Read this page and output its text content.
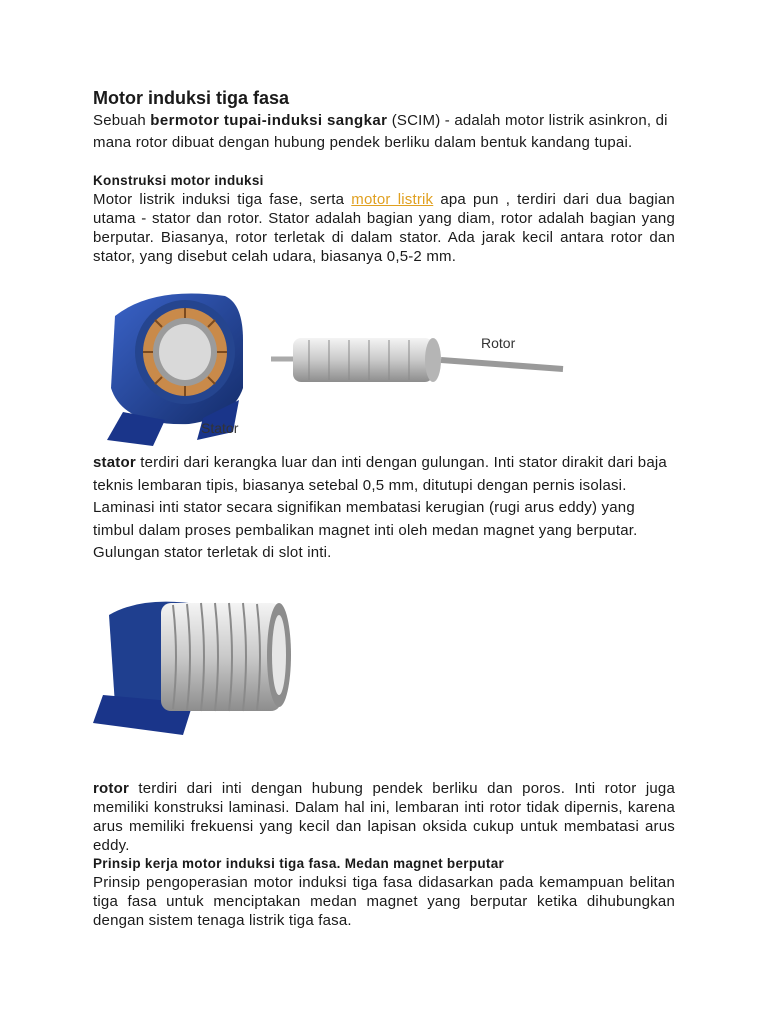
Motor induksi tiga fasa

Sebuah bermotor tupai-induksi sangkar (SCIM) - adalah motor listrik asinkron, di mana rotor dibuat dengan hubung pendek berliku dalam bentuk kandang tupai.

Konstruksi motor induksi

Motor listrik induksi tiga fase, serta motor listrik apa pun , terdiri dari dua bagian utama - stator dan rotor. Stator adalah bagian yang diam, rotor adalah bagian yang berputar. Biasanya, rotor terletak di dalam stator. Ada jarak kecil antara rotor dan stator, yang disebut celah udara, biasanya 0,5-2 mm.

Stator
Rotor

stator terdiri dari kerangka luar dan inti dengan gulungan. Inti stator dirakit dari baja teknis lembaran tipis, biasanya setebal 0,5 mm, ditutupi dengan pernis isolasi. Laminasi inti stator secara signifikan membatasi kerugian (rugi arus eddy) yang timbul dalam proses pembalikan magnet inti oleh medan magnet yang berputar. Gulungan stator terletak di slot inti.

rotor terdiri dari inti dengan hubung pendek berliku dan poros. Inti rotor juga memiliki konstruksi laminasi. Dalam hal ini, lembaran inti rotor tidak dipernis, karena arus memiliki frekuensi yang kecil dan lapisan oksida cukup untuk membatasi arus eddy.

Prinsip kerja motor induksi tiga fasa. Medan magnet berputar

Prinsip pengoperasian motor induksi tiga fasa didasarkan pada kemampuan belitan tiga fasa untuk menciptakan medan magnet yang berputar ketika dihubungkan dengan sistem tenaga listrik tiga fasa.
